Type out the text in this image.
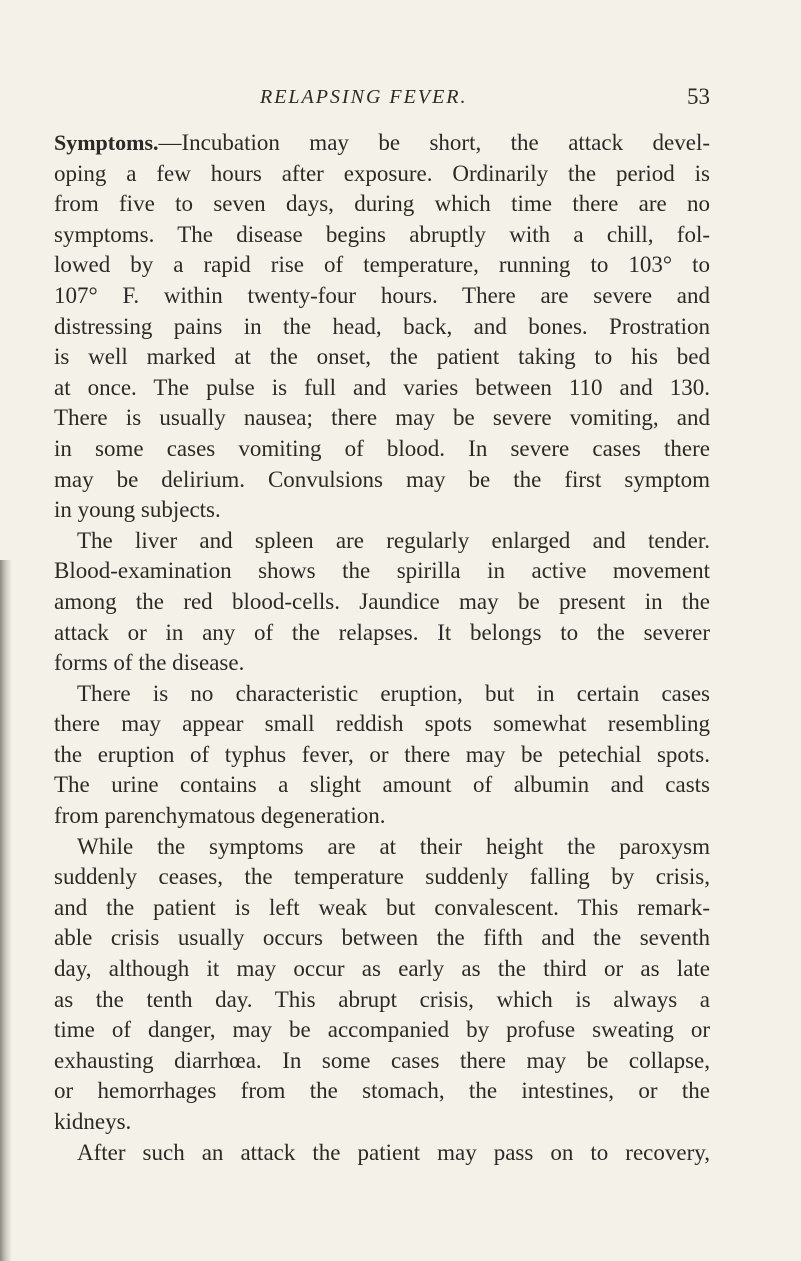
RELAPSING FEVER.	53
Symptoms.—Incubation may be short, the attack devel-
oping a few hours after exposure. Ordinarily the period is
from five to seven days, during which time there are no
symptoms. The disease begins abruptly with a chill, fol-
lowed by a rapid rise of temperature, running to 103° to
107° F. within twenty-four hours. There are severe and
distressing pains in the head, back, and bones. Prostration
is well marked at the onset, the patient taking to his bed
at once. The pulse is full and varies between 110 and 130.
There is usually nausea; there may be severe vomiting, and
in some cases vomiting of blood. In severe cases there
may be delirium. Convulsions may be the first symptom
in young subjects.
The liver and spleen are regularly enlarged and tender.
Blood-examination shows the spirilla in active movement
among the red blood-cells. Jaundice may be present in the
attack or in any of the relapses. It belongs to the severer
forms of the disease.
There is no characteristic eruption, but in certain cases
there may appear small reddish spots somewhat resembling
the eruption of typhus fever, or there may be petechial spots.
The urine contains a slight amount of albumin and casts
from parenchymatous degeneration.
While the symptoms are at their height the paroxysm
suddenly ceases, the temperature suddenly falling by crisis,
and the patient is left weak but convalescent. This remark-
able crisis usually occurs between the fifth and the seventh
day, although it may occur as early as the third or as late
as the tenth day. This abrupt crisis, which is always a
time of danger, may be accompanied by profuse sweating or
exhausting diarrhœa. In some cases there may be collapse,
or hemorrhages from the stomach, the intestines, or the
kidneys.
After such an attack the patient may pass on to recovery,
